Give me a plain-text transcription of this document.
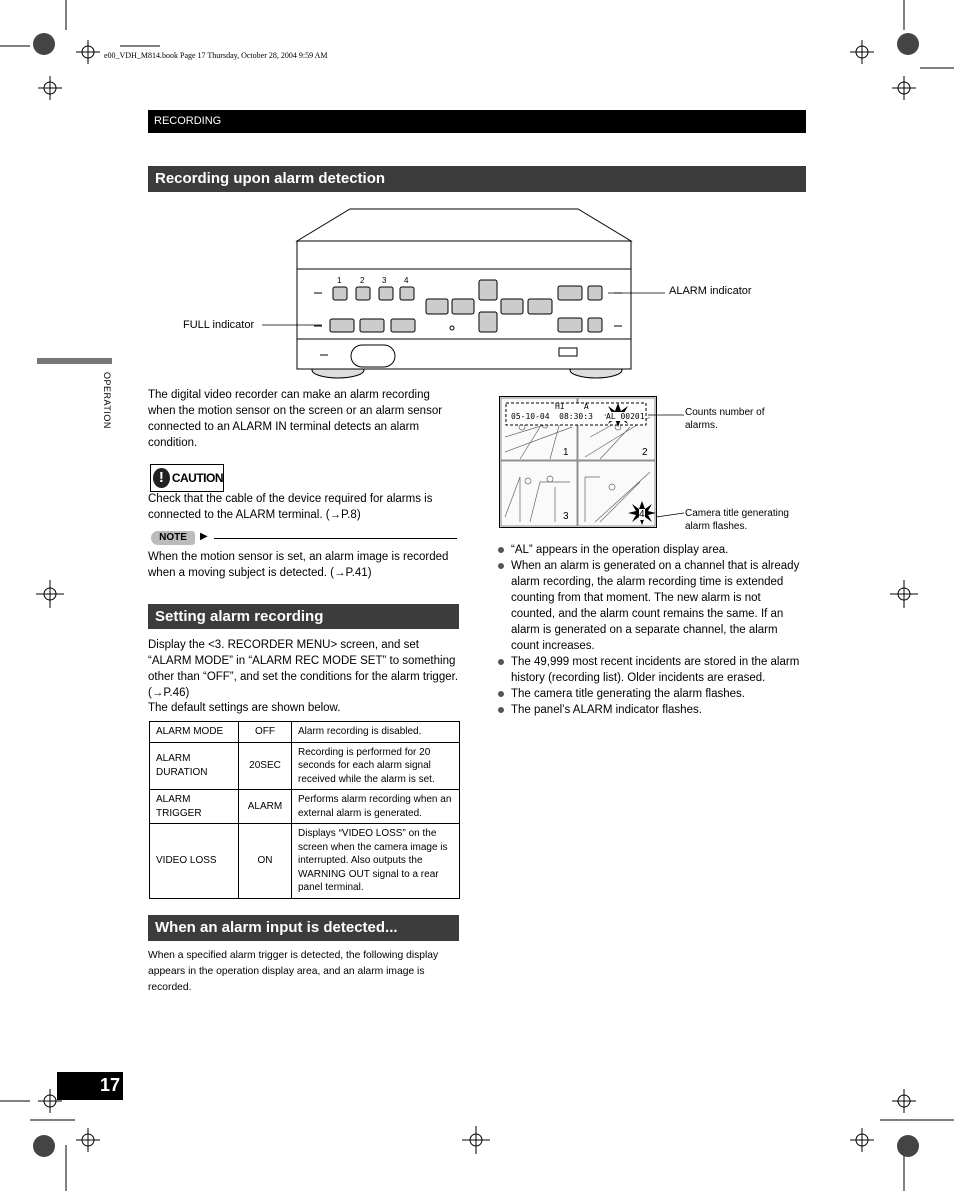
e00_VDH_M814.book Page 17 Thursday, October 28, 2004 9:59 AM
RECORDING
OPERATION
Recording upon alarm detection
1 2 3 4
ALARM indicator
FULL indicator
The digital video recorder can make an alarm recording when the motion sensor on the screen or an alarm sensor connected to an ALARM IN terminal detects an alarm condition.
! CAUTION
Check that the cable of the device required for alarms is connected to the ALARM terminal. (→P.8)
NOTE	▶
When the motion sensor is set, an alarm image is recorded when a moving subject is detected. (→P.41)
Setting alarm recording
Display the <3. RECORDER MENU> screen, and set “ALARM MODE” in “ALARM REC MODE SET” to something other than “OFF”, and set the conditions for the alarm trigger. (→P.46)
The default settings are shown below.
ALARM MODE	OFF	Alarm recording is disabled.
ALARM DURATION	20SEC	Recording is performed for 20 seconds for each alarm signal received while the alarm is set.
ALARM TRIGGER	ALARM	Performs alarm recording when an external alarm is generated.
VIDEO LOSS	ON	Displays “VIDEO LOSS” on the screen when the camera image is interrupted. Also outputs the WARNING OUT signal to a rear panel terminal.
When an alarm input is detected...
When a specified alarm trigger is detected, the following display appears in the operation display area, and an alarm image is recorded.
HI    A
05-10-04  08:30:3 AL 00201
1	2
3	4
Counts number of alarms.
Camera title generating alarm flashes.
“AL” appears in the operation display area.
When an alarm is generated on a channel that is already alarm recording, the alarm recording time is extended counting from that moment. The new alarm is not counted, and the alarm count remains the same. If an alarm is generated on a separate channel, the alarm count increases.
The 49,999 most recent incidents are stored in the alarm history (recording list). Older incidents are erased.
The camera title generating the alarm flashes.
The panel’s ALARM indicator flashes.
17
